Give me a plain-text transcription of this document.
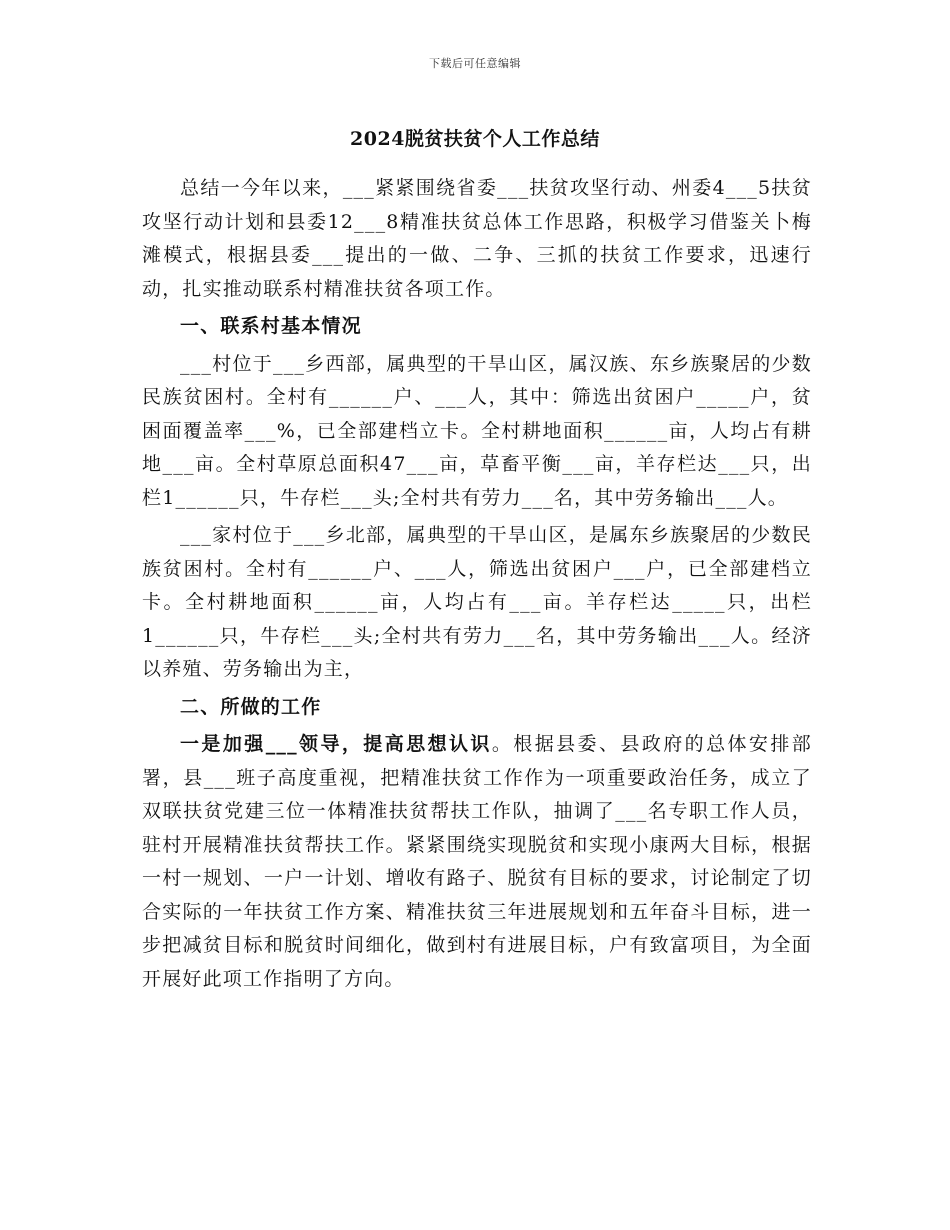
下载后可任意编辑
2024脱贫扶贫个人工作总结

总结一今年以来，___紧紧围绕省委___扶贫攻坚行动、州委4___5扶贫攻坚行动计划和县委12___8精准扶贫总体工作思路，积极学习借鉴关卜梅滩模式，根据县委___提出的一做、二争、三抓的扶贫工作要求，迅速行动，扎实推动联系村精准扶贫各项工作。

一、联系村基本情况

___村位于___乡西部，属典型的干旱山区，属汉族、东乡族聚居的少数民族贫困村。全村有______户、___人，其中：筛选出贫困户_____户，贫困面覆盖率___%，已全部建档立卡。全村耕地面积______亩，人均占有耕地___亩。全村草原总面积47___亩，草畜平衡___亩，羊存栏达___只，出栏1______只，牛存栏___头;全村共有劳力___名，其中劳务输出___人。

___家村位于___乡北部，属典型的干旱山区，是属东乡族聚居的少数民族贫困村。全村有______户、___人，筛选出贫困户___户，已全部建档立卡。全村耕地面积______亩，人均占有___亩。羊存栏达_____只，出栏1______只，牛存栏___头;全村共有劳力___名，其中劳务输出___人。经济以养殖、劳务输出为主，

二、所做的工作

一是加强___领导，提高思想认识。根据县委、县政府的总体安排部署，县___班子高度重视，把精准扶贫工作作为一项重要政治任务，成立了双联扶贫党建三位一体精准扶贫帮扶工作队，抽调了___名专职工作人员，驻村开展精准扶贫帮扶工作。紧紧围绕实现脱贫和实现小康两大目标，根据一村一规划、一户一计划、增收有路子、脱贫有目标的要求，讨论制定了切合实际的一年扶贫工作方案、精准扶贫三年进展规划和五年奋斗目标，进一步把减贫目标和脱贫时间细化，做到村有进展目标，户有致富项目，为全面开展好此项工作指明了方向。
